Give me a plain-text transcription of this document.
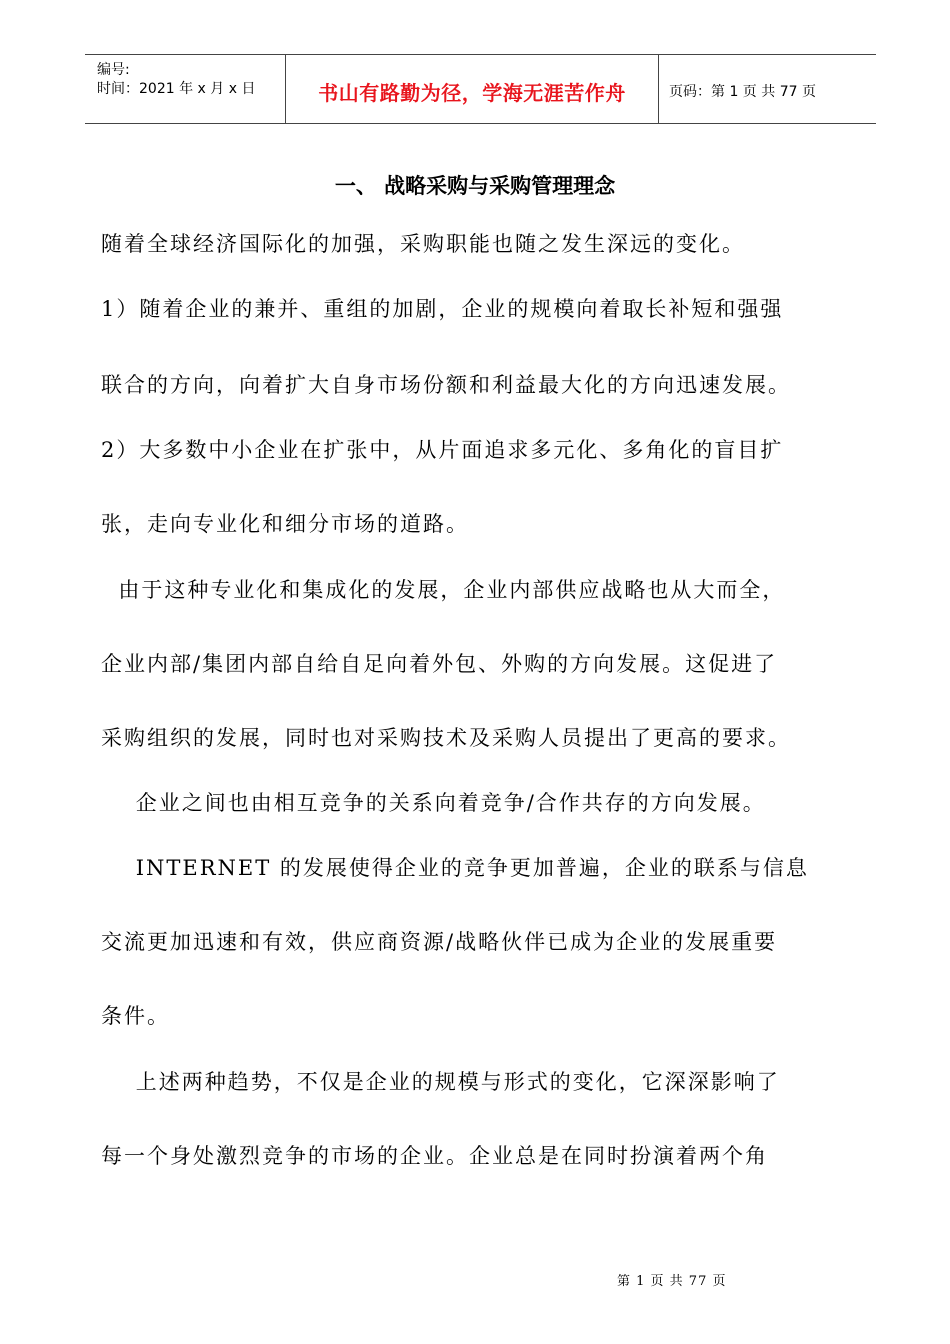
编号:
时间：2021 年 x 月 x 日	书山有路勤为径，学海无涯苦作舟	页码：第 1 页 共 77 页
一、 战略采购与采购管理理念
随着全球经济国际化的加强，采购职能也随之发生深远的变化。
1）随着企业的兼并、重组的加剧，企业的规模向着取长补短和强强
联合的方向，向着扩大自身市场份额和利益最大化的方向迅速发展。
2）大多数中小企业在扩张中，从片面追求多元化、多角化的盲目扩
张，走向专业化和细分市场的道路。
由于这种专业化和集成化的发展，企业内部供应战略也从大而全，
企业内部/集团内部自给自足向着外包、外购的方向发展。这促进了
采购组织的发展，同时也对采购技术及采购人员提出了更高的要求。
企业之间也由相互竞争的关系向着竞争/合作共存的方向发展。
INTERNET 的发展使得企业的竞争更加普遍，企业的联系与信息
交流更加迅速和有效，供应商资源/战略伙伴已成为企业的发展重要
条件。
上述两种趋势，不仅是企业的规模与形式的变化，它深深影响了
每一个身处激烈竞争的市场的企业。企业总是在同时扮演着两个角
第 1 页 共 77 页
